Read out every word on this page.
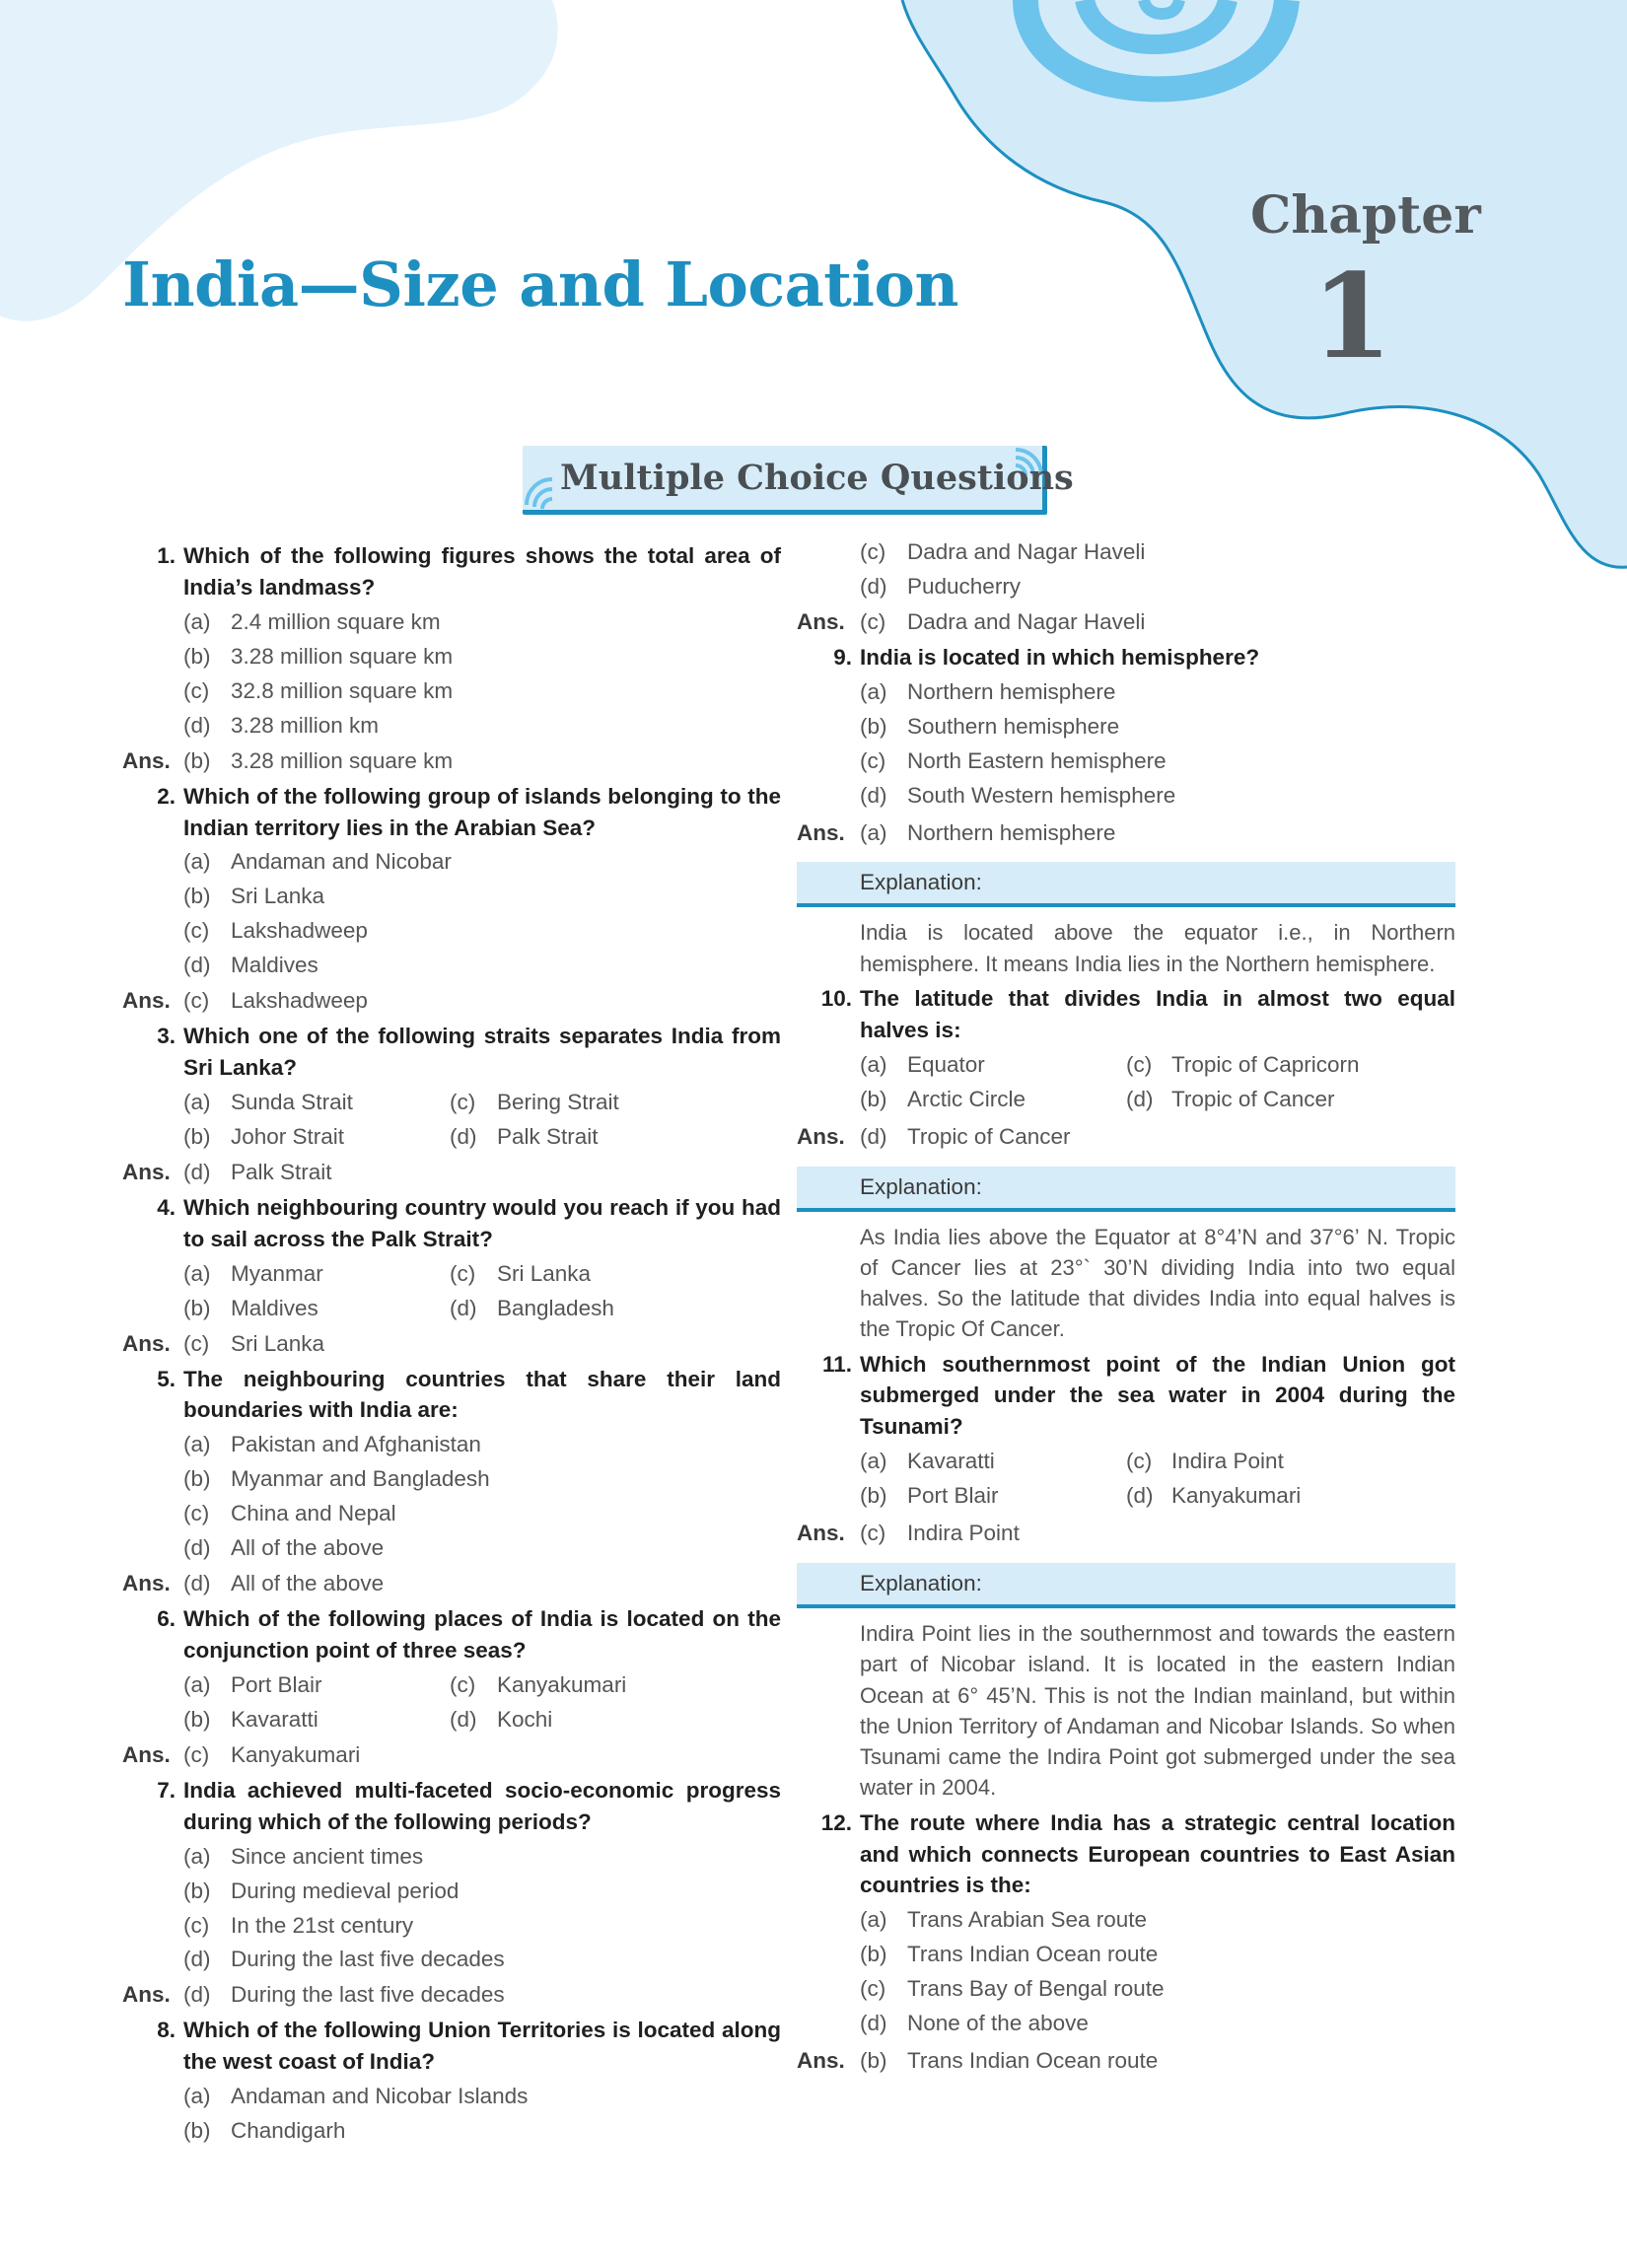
India—Size and Location
Chapter
1
Multiple Choice Questions
1. Which of the following figures shows the total area of India’s landmass?
(a) 2.4 million square km
(b) 3.28 million square km
(c) 32.8 million square km
(d) 3.28 million km
Ans. (b) 3.28 million square km
2. Which of the following group of islands belonging to the Indian territory lies in the Arabian Sea?
(a) Andaman and Nicobar
(b) Sri Lanka
(c) Lakshadweep
(d) Maldives
Ans. (c) Lakshadweep
3. Which one of the following straits separates India from Sri Lanka?
(a) Sunda Strait	(c) Bering Strait
(b) Johor Strait	(d) Palk Strait
Ans. (d) Palk Strait
4. Which neighbouring country would you reach if you had to sail across the Palk Strait?
(a) Myanmar	(c) Sri Lanka
(b) Maldives	(d) Bangladesh
Ans. (c) Sri Lanka
5. The neighbouring countries that share their land boundaries with India are:
(a) Pakistan and Afghanistan
(b) Myanmar and Bangladesh
(c) China and Nepal
(d) All of the above
Ans. (d) All of the above
6. Which of the following places of India is located on the conjunction point of three seas?
(a) Port Blair	(c) Kanyakumari
(b) Kavaratti	(d) Kochi
Ans. (c) Kanyakumari
7. India achieved multi-faceted socio-economic progress during which of the following periods?
(a) Since ancient times
(b) During medieval period
(c) In the 21st century
(d) During the last five decades
Ans. (d) During the last five decades
8. Which of the following Union Territories is located along the west coast of India?
(a) Andaman and Nicobar Islands
(b) Chandigarh
(c) Dadra and Nagar Haveli
(d) Puducherry
Ans. (c) Dadra and Nagar Haveli
9. India is located in which hemisphere?
(a) Northern hemisphere
(b) Southern hemisphere
(c) North Eastern hemisphere
(d) South Western hemisphere
Ans. (a) Northern hemisphere
Explanation:
India is located above the equator i.e., in Northern hemisphere. It means India lies in the Northern hemisphere.
10. The latitude that divides India in almost two equal halves is:
(a) Equator	(c) Tropic of Capricorn
(b) Arctic Circle	(d) Tropic of Cancer
Ans. (d) Tropic of Cancer
Explanation:
As India lies above the Equator at 8°4’N and 37°6’ N. Tropic of Cancer lies at 23°` 30’N dividing India into two equal halves. So the latitude that divides India into equal halves is the Tropic Of Cancer.
11. Which southernmost point of the Indian Union got submerged under the sea water in 2004 during the Tsunami?
(a) Kavaratti	(c) Indira Point
(b) Port Blair	(d) Kanyakumari
Ans. (c) Indira Point
Explanation:
Indira Point lies in the southernmost and towards the eastern part of Nicobar island. It is located in the eastern Indian Ocean at 6° 45’N. This is not the Indian mainland, but within the Union Territory of Andaman and Nicobar Islands. So when Tsunami came the Indira Point got submerged under the sea water in 2004.
12. The route where India has a strategic central location and which connects European countries to East Asian countries is the:
(a) Trans Arabian Sea route
(b) Trans Indian Ocean route
(c) Trans Bay of Bengal route
(d) None of the above
Ans. (b) Trans Indian Ocean route
